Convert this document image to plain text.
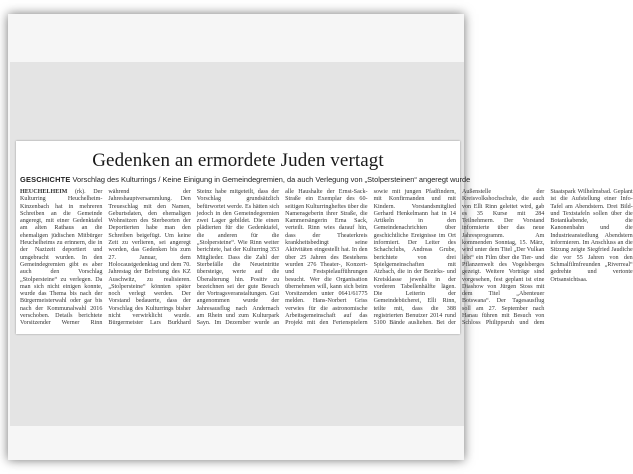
Gedenken an ermordete Juden vertagt
GESCHICHTE Vorschlag des Kulturrings / Keine Einigung in Gemeindegremien, da auch Verlegung von „Stolpersteinen“ angeregt wurde

HEUCHELHEIM (rk). Der Kulturring Heuchelheim-Kinzenbach hat in mehreren Schreiben an die Gemeinde angeregt, mit einer Gedenktafel am alten Rathaus an die ehemaligen jüdischen Mitbürger Heuchelheims zu erinnern, die in der Nazizeit deportiert und umgebracht wurden. In den Gemeindegremien gibt es aber auch den Vorschlag „Stolpersteine“ zu verlegen. Da man sich nicht einigen konnte, wurde das Thema bis nach der Bürgermeisterwahl oder gar bis nach der Kommunalwahl 2016 verschoben. Details berichtete Vorsitzender Werner Rinn während der Jahreshauptversammlung. Den Treueschlag mit den Namen, Geburtsdaten, den ehemaligen Wohnsitzen des Sterbeorten der Deportierten habe man den Schreiben beigefügt. Um keine Zeit zu verlieren, sei angeregt worden, das Gedenken bis zum 27. Januar, dem Holocaustgedenktag und dem 70. Jahrestag der Befreiung des KZ Auschwitz, zu realisieren. „Stolpersteine“ könnten später noch verlegt werden. Der Vorstand bedauerte, dass der Vorschlag des Kulturrings bisher nicht verwirklicht wurde. Bürgermeister Lars Burkhard Steinz habe mitgeteilt, dass der Vorschlag grundsätzlich befürwortet werde. Es hätten sich jedoch in den Gemeindegremien zwei Lager gebildet. Die einen plädierten für die Gedenktafel, die anderen für die „Stolpersteine“. Wie Rinn weiter berichtete, hat der Kulturring 353 Mitglieder. Dass die Zahl der Sterbefälle die Neueintritte übersteige, werte auf die Überalterung hin. Positiv zu bezeichnen sei der gute Besuch der Vortragsveranstaltungen. Gut angenommen wurde der Jahresausflug nach Andernach am Rhein und zum Kulturpark Sayn. Im Dezember wurde an alle Haushalte der Ernst-Sack-Straße ein Exemplar des 60-seitigen Kulturringheftes über die Namensgeberin ihrer Straße, die Kammersängerin Erna Sack, verteilt. Rinn wies darauf hin, dass der Theaterkreis krankheitsbedingt seine Aktivitäten eingestellt hat. In den über 25 Jahren des Bestehens wurden 276 Theater-, Konzert- und Festspielaufführungen besucht. Wer die Organisation übernehmen will, kann sich beim Vorsitzenden unter 0641/61775 melden. Hans-Norbert Griss verwies für die astronomische Arbeitsgemeinschaft auf das Projekt mit den Ferienspielern sowie mit jungen Pfadfindern, mit Konfirmanden und mit Kindern. Vorstandsmitglied Gerhard Henkelmann hat in 14 Artikeln in den Gemeindenachrichten über geschichtliche Ereignisse im Ort informiert. Der Leiter des Schachclubs, Andreas Grube, berichtete von drei Spielgemeinschaften mit Atzbach, die in der Bezirks- und Kreisklasse jeweils in der vorderen Tabellenhälfte lägen. Die Leiterin der Gemeindebücherei, Elli Rinn, teilte mit, dass die 388 registrierten Benutzer 2014 rund 5100 Bände ausliehen. Bei der Außenstelle der Kreisvolkshochschule, die auch von Elli Rinn geleitet wird, gab es 35 Kurse mit 284 Teilnehmern. Der Vorstand informierte über das neue Jahresprogramm. Am kommenden Sonntag, 15. März, wird unter dem Titel „Der Vulkan lebt“ ein Film über die Tier- und Pflanzenwelt des Vogelsberges gezeigt. Weitere Vorträge sind vorgesehen, fest geplant ist eine Diashow von Jürgen Stoss mit dem Titel „Abenteuer Botswana“. Der Tagesausflug soll am 27. September nach Hanau führen mit Besuch von Schloss Philippsruh und dem Staatspark Wilhelmsbad. Geplant ist die Aufstellung einer Info-Tafel am Abendstern. Drei Bild- und Textstafeln sollen über die Botanikabende, die Kanonenbahn und die Industrieansiedlung Abendstern informieren. Im Anschluss an die Sitzung zeigte Siegfried Jaudiche die vor 55 Jahren von den Schmalfilmfreunden „Riverreal“ gedrehte und vertonte Ortsansichtsaa.
